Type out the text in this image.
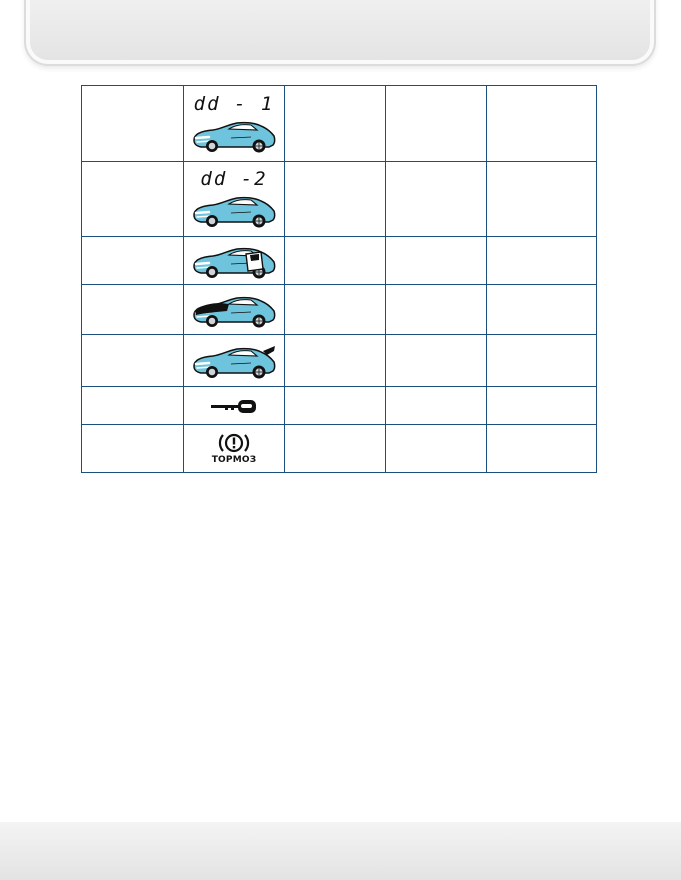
	dd - 1			

	dd -2			

	ТОРМОЗ			
